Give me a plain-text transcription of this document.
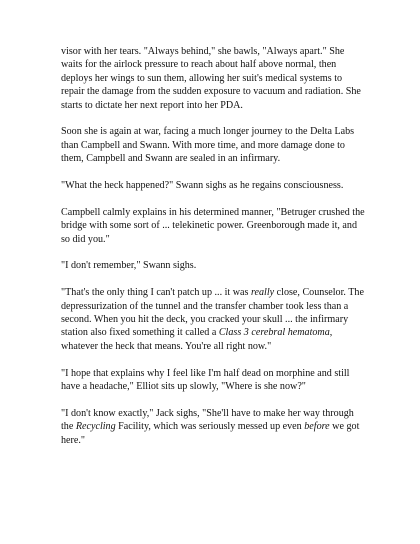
visor with her tears. "Always behind," she bawls, "Always apart." She waits for the airlock pressure to reach about half above normal, then deploys her wings to sun them, allowing her suit's medical systems to repair the damage from the sudden exposure to vacuum and radiation. She starts to dictate her next report into her PDA.

Soon she is again at war, facing a much longer journey to the Delta Labs than Campbell and Swann. With more time, and more damage done to them, Campbell and Swann are sealed in an infirmary.

"What the heck happened?" Swann sighs as he regains consciousness.

Campbell calmly explains in his determined manner, "Betruger crushed the bridge with some sort of ... telekinetic power. Greenborough made it, and so did you."

"I don't remember," Swann sighs.

"That's the only thing I can't patch up ... it was really close, Counselor. The depressurization of the tunnel and the transfer chamber took less than a second. When you hit the deck, you cracked your skull ... the infirmary station also fixed something it called a Class 3 cerebral hematoma, whatever the heck that means. You're all right now."

"I hope that explains why I feel like I'm half dead on morphine and still have a headache," Elliot sits up slowly, "Where is she now?"

"I don't know exactly," Jack sighs, "She'll have to make her way through the Recycling Facility, which was seriously messed up even before we got here."
